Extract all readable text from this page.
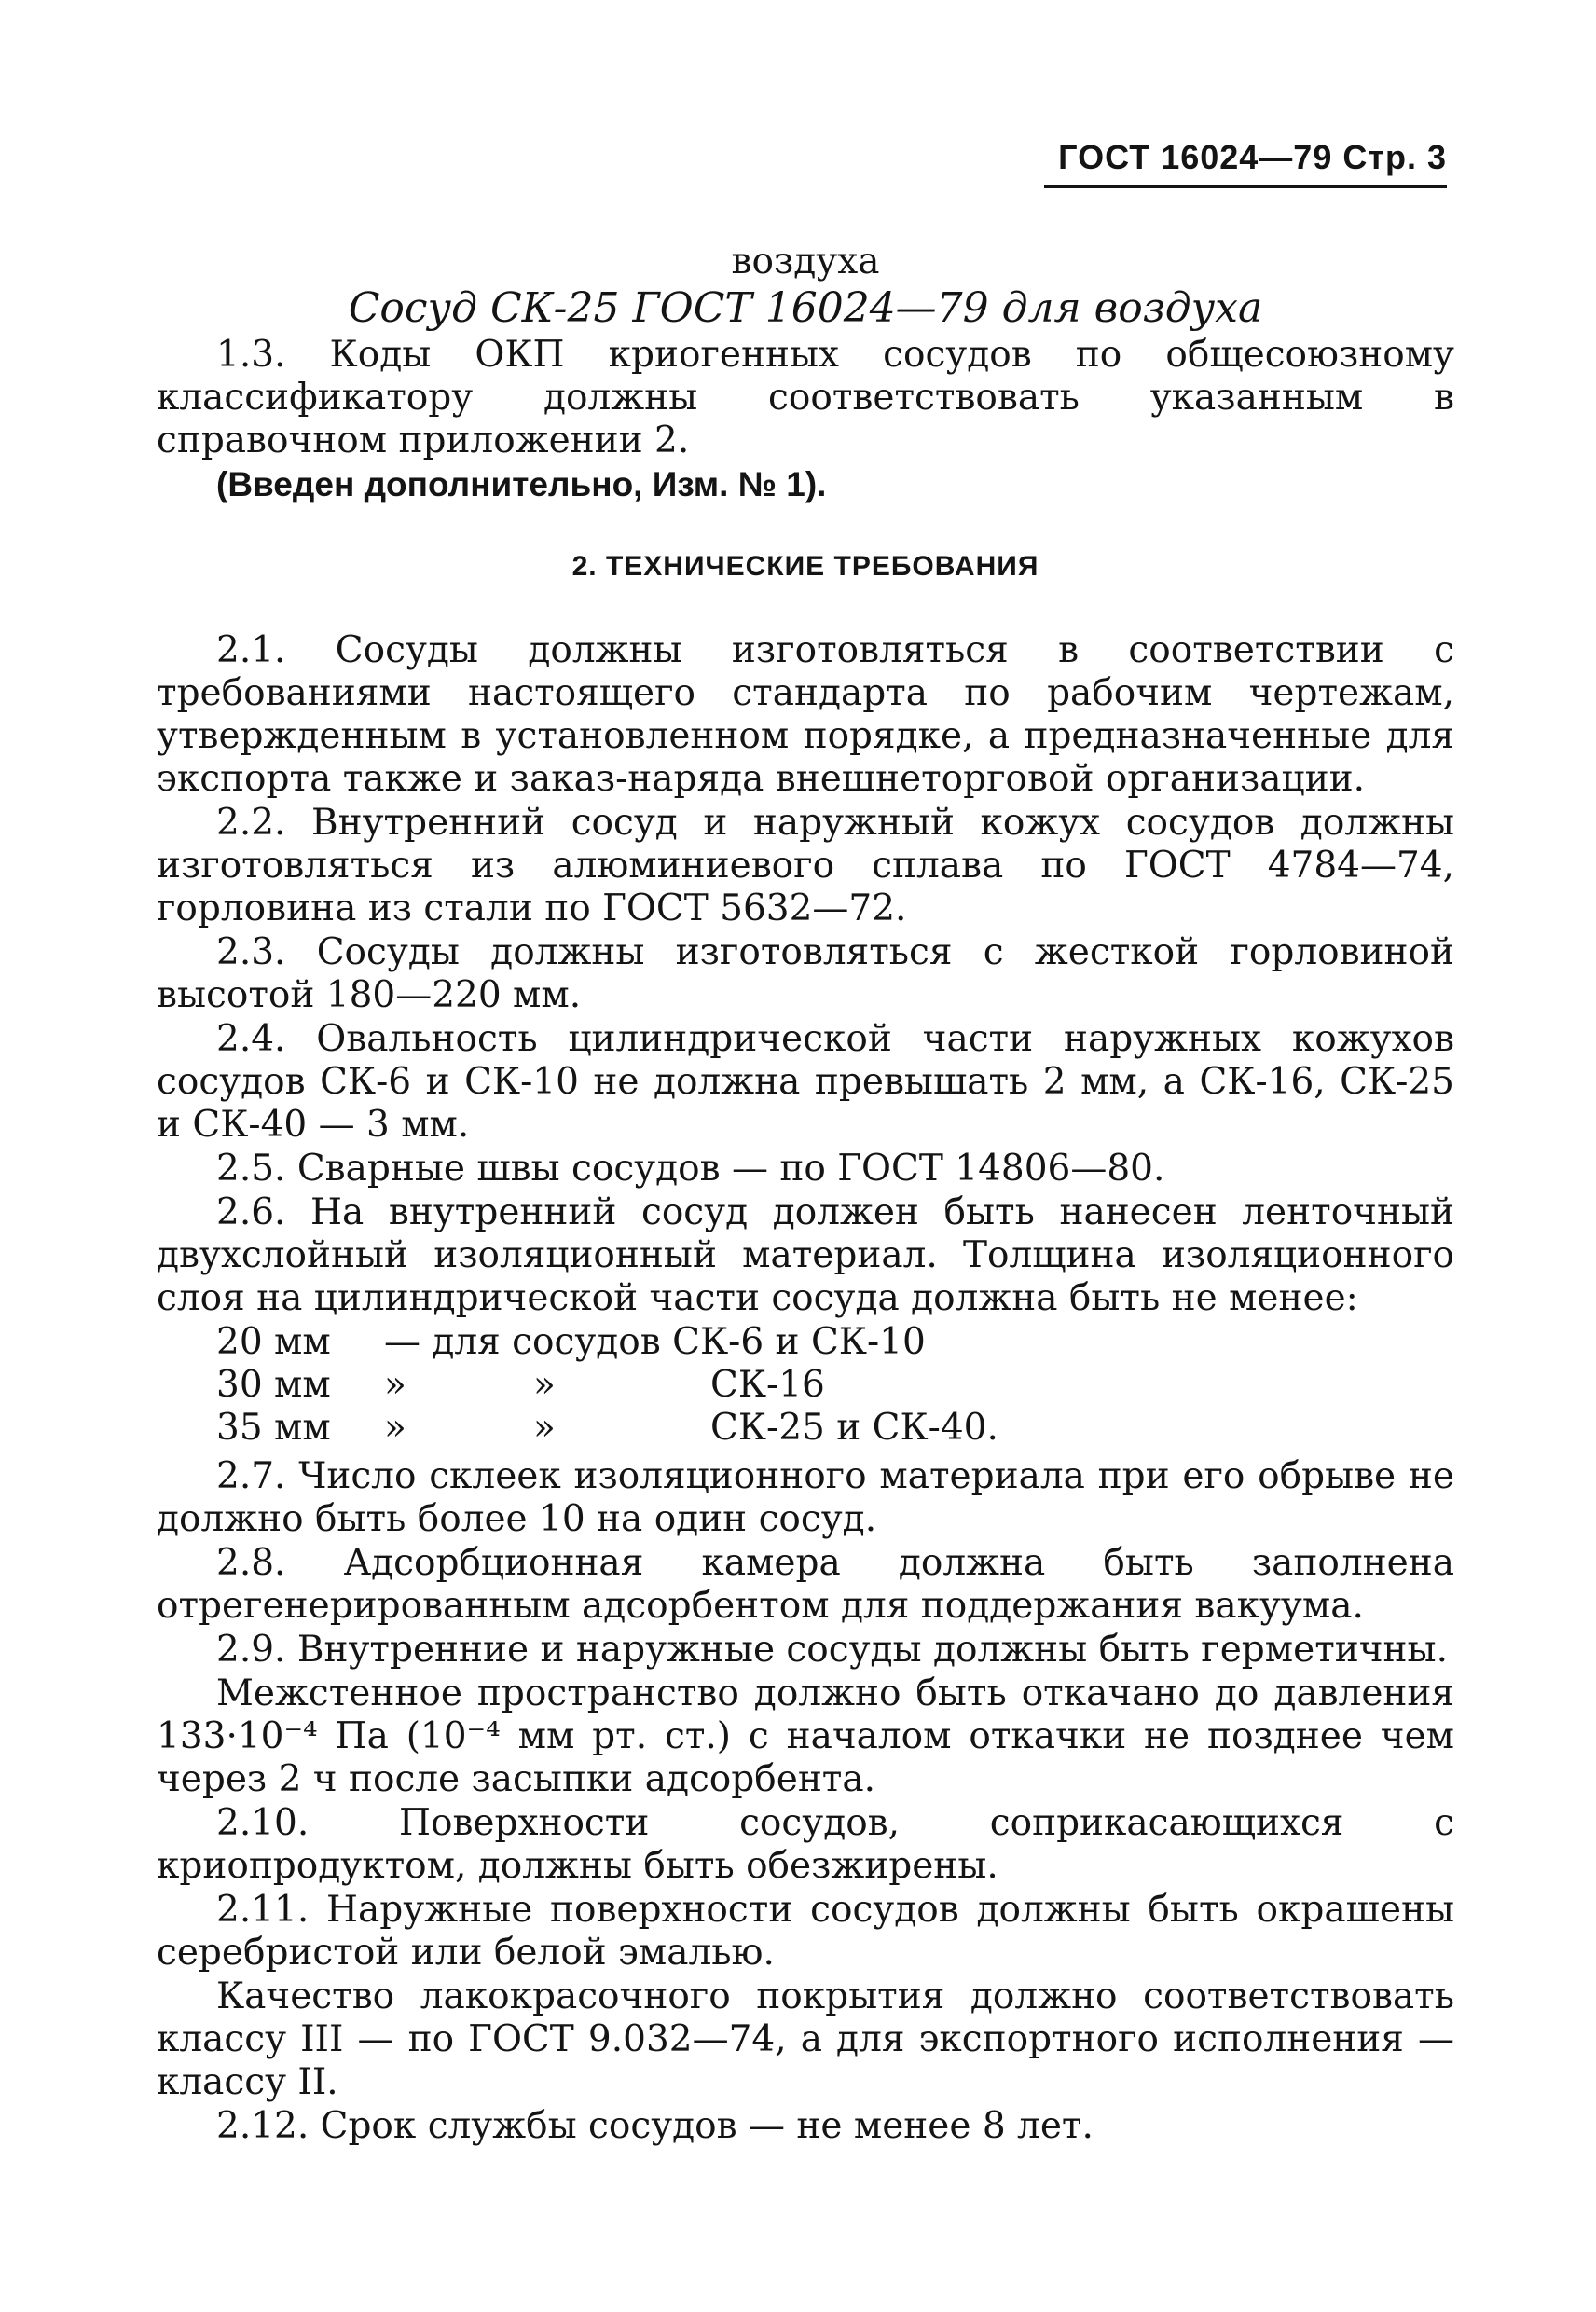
ГОСТ 16024—79 Стр. 3

воздуха

Сосуд СК-25 ГОСТ 16024—79 для воздуха

1.3. Коды ОКП криогенных сосудов по общесоюзному классификатору должны соответствовать указанным в справочном приложении 2.

(Введен дополнительно, Изм. № 1).

2. ТЕХНИЧЕСКИЕ ТРЕБОВАНИЯ

2.1. Сосуды должны изготовляться в соответствии с требованиями настоящего стандарта по рабочим чертежам, утвержденным в установленном порядке, а предназначенные для экспорта также и заказ-наряда внешнеторговой организации.

2.2. Внутренний сосуд и наружный кожух сосудов должны изготовляться из алюминиевого сплава по ГОСТ 4784—74, горловина из стали по ГОСТ 5632—72.

2.3. Сосуды должны изготовляться с жесткой горловиной высотой 180—220 мм.

2.4. Овальность цилиндрической части наружных кожухов сосудов СК-6 и СК-10 не должна превышать 2 мм, а СК-16, СК-25 и СК-40 — 3 мм.

2.5. Сварные швы сосудов — по ГОСТ 14806—80.

2.6. На внутренний сосуд должен быть нанесен ленточный двухслойный изоляционный материал. Толщина изоляционного слоя на цилиндрической части сосуда должна быть не менее:

20 мм	— для сосудов СК-6 и СК-10		
30 мм	»	»	СК-16
35 мм	»	»	СК-25 и СК-40.

2.7. Число склеек изоляционного материала при его обрыве не должно быть более 10 на один сосуд.

2.8. Адсорбционная камера должна быть заполнена отрегенерированным адсорбентом для поддержания вакуума.

2.9. Внутренние и наружные сосуды должны быть герметичны.

Межстенное пространство должно быть откачано до давления 133·10⁻⁴ Па (10⁻⁴ мм рт. ст.) с началом откачки не позднее чем через 2 ч после засыпки адсорбента.

2.10. Поверхности сосудов, соприкасающихся с криопродуктом, должны быть обезжирены.

2.11. Наружные поверхности сосудов должны быть окрашены серебристой или белой эмалью.

Качество лакокрасочного покрытия должно соответствовать классу III — по ГОСТ 9.032—74, а для экспортного исполнения — классу II.

2.12. Срок службы сосудов — не менее 8 лет.
